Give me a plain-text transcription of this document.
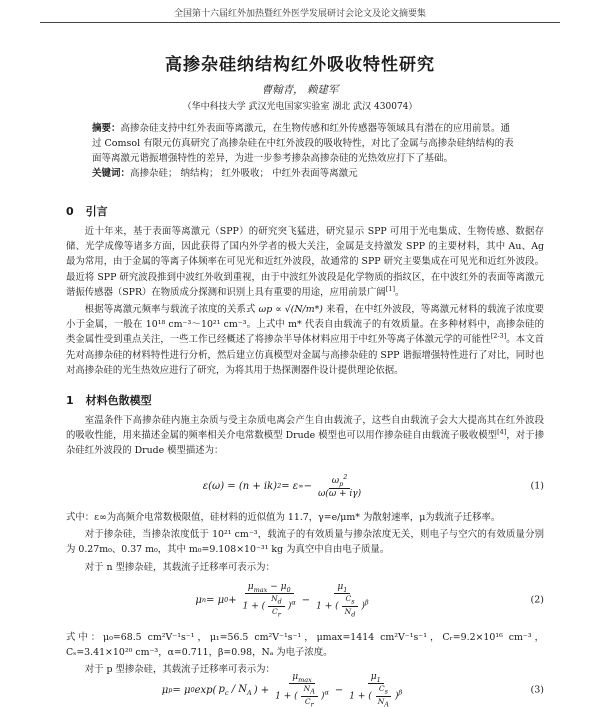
全国第十六届红外加热暨红外医学发展研讨会论文及论文摘要集
高掺杂硅纳结构红外吸收特性研究
曹翰青， 赖建军
（华中科技大学 武汉光电国家实验室 湖北 武汉 430074）
摘要：高掺杂硅支持中红外表面等离激元，在生物传感和红外传感器等领域具有潜在的应用前景。通过 Comsol 有限元仿真研究了高掺杂硅在中红外波段的吸收特性，对比了金属与高掺杂硅纳结构的表面等离激元谐振增强特性的差异，为进一步参考掺杂高掺杂硅的光热效应打下了基础。
关键词：高掺杂硅； 纳结构； 红外吸收； 中红外表面等离激元
0 引言

近十年来，基于表面等离激元（SPP）的研究突飞猛进，研究显示 SPP 可用于光电集成、生物传感、数据存储、光学成像等诸多方面，因此获得了国内外学者的极大关注，金属是支持激发 SPP 的主要材料，其中 Au、Ag 最为常用，由于金属的等离子体频率在可见光和近红外波段，故通常的 SPP 研究主要集成在可见光和近红外波段。最近将 SPP 研究波段推到中波红外收到重视，由于中波红外波段是化学物质的指纹区，在中波红外的表面等离激元谐振传感器（SPR）在物质成分探测和识别上具有重要的用途，应用前景广阔[1]。

根据等离激元频率与载流子浓度的关系式 ωp ∝ √(N/m*) 来看，在中红外波段，等离激元材料的载流子浓度要小于金属，一般在 10¹⁸ cm⁻³～10²¹ cm⁻³。上式中 m* 代表自由载流子的有效质量。在多种材料中，高掺杂硅的类金属性受到重点关注，一些工作已经概述了将掺杂半导体材料应用于中红外等离子体激元学的可能性[2-3]。本文首先对高掺杂硅的材料特性进行分析，然后建立仿真模型对金属与高掺杂硅的 SPP 谐振增强特性进行了对比，同时也对高掺杂硅的光生热效应进行了研究，为将其用于热探测器件设计提供理论依据。

1 材料色散模型

室温条件下高掺杂硅内施主杂质与受主杂质电离会产生自由载流子，这些自由载流子会大大提高其在红外波段的吸收性能，用来描述金属的频率相关介电常数模型 Drude 模型也可以用作掺杂硅自由载流子吸收模型[4]，对于掺杂硅红外波段的 Drude 模型描述为：

ε(ω) = (n + ik) 2 = ε ∞ − $\frac{\omega_p^2}{\omega(\omega + i\gamma)}$	(1)

式中：ε∞为高频介电常数极限值，硅材料的近似值为 11.7，γ=e/μm* 为散射速率，μ为载流子迁移率。

对于掺杂硅，当掺杂浓度低于 10²¹ cm⁻³，载流子的有效质量与掺杂浓度无关，则电子与空穴的有效质量分别为 0.27m₀、0.37 m₀，其中 m₀=9.108×10⁻³¹ kg 为真空中自由电子质量。

对于 n 型掺杂硅，其载流子迁移率可表示为：

μ n = μ $0 + \frac{\mu_{max} - \mu_0}{1 + ( \frac{Nd}{Cr} )^\alpha} - \frac{\mu_1}{1 + ( \frac{Cs}{Nd} )^\beta}$	(2)

式中：μ₀=68.5 cm²V⁻¹s⁻¹，μ₁=56.5 cm²V⁻¹s⁻¹，μmax=1414 cm²V⁻¹s⁻¹，Cᵣ=9.2×10¹⁶ cm⁻³，Cₛ=3.41×10²⁰ cm⁻³，α=0.711，β=0.98，Nₐ 为电子浓度。

对于 p 型掺杂硅，其载流子迁移率可表示为：

μ p = μ 0 exp( $p_c / N_A$ ) + $\frac{\mu_{max}}{1 + ( \frac{NA}{Cr} )^\alpha} - \frac{\mu_1}{1 + ( \frac{Cs}{NA} )^\beta}$	(3)
